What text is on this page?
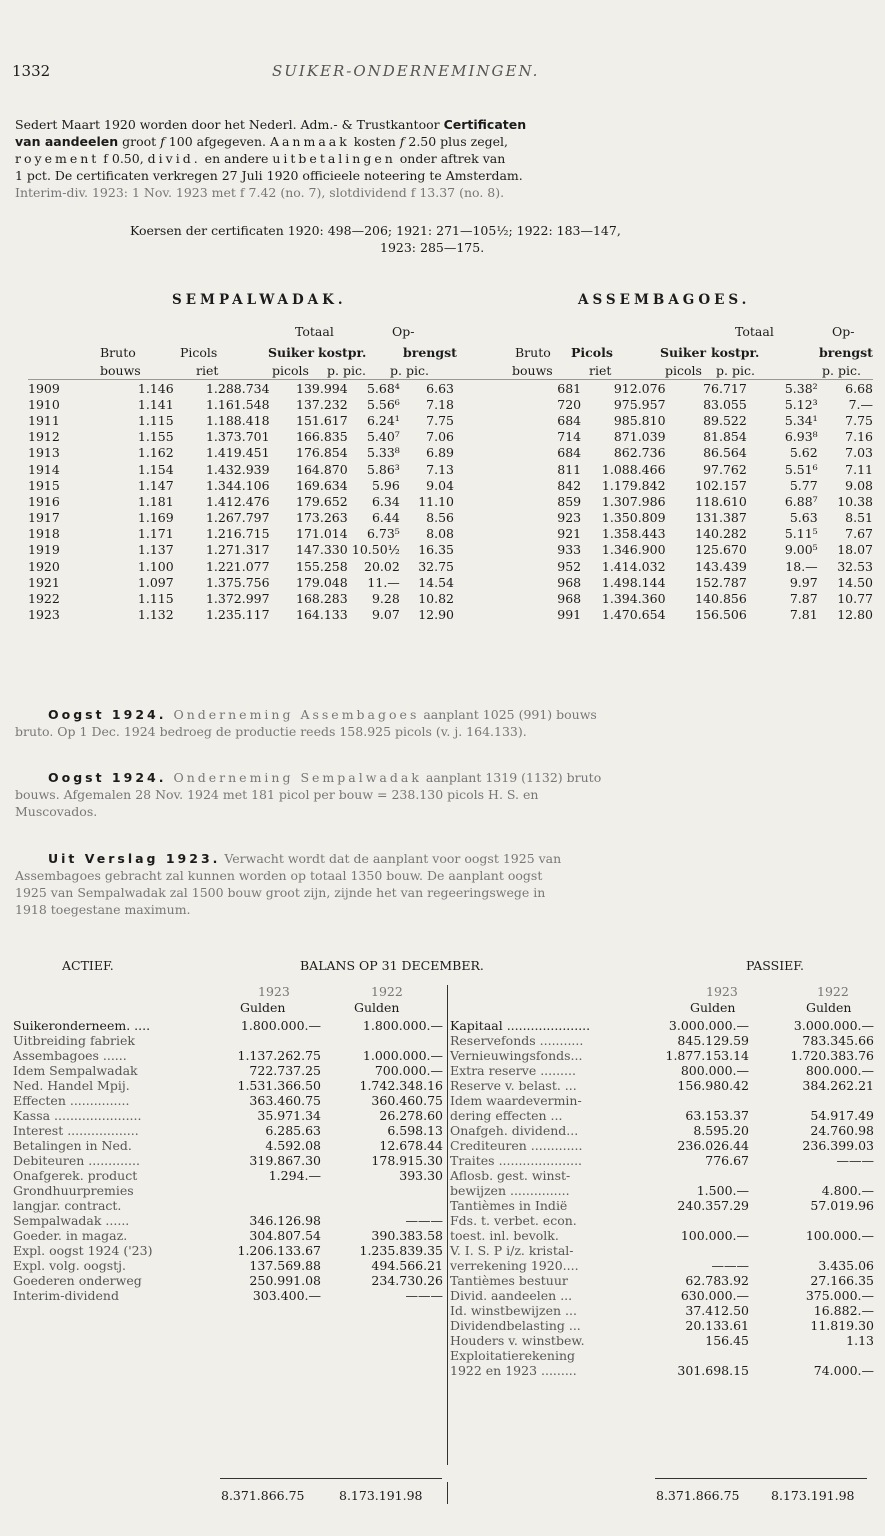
1332	SUIKER-ONDERNEMINGEN.
Sedert Maart 1920 worden door het Nederl. Adm.- & Trustkantoor Certificaten
van aandeelen groot f 100 afgegeven. Aanmaak kosten f 2.50 plus zegel,
royement f 0.50, divid. en andere uitbetalingen onder aftrek van
1 pct. De certificaten verkregen 27 Juli 1920 officieele noteering te Amsterdam.
Interim-div. 1923: 1 Nov. 1923 met f 7.42 (no. 7), slotdividend f 13.37 (no. 8).
Koersen der certificaten 1920: 498—206; 1921: 271—105½; 1922: 183—147,
1923: 285—175.
SEMPALWADAK.	ASSEMBAGOES.
Totaal	Op-	Totaal	Op-
Bruto	Picols	Suiker kostpr.	brengst	Bruto Picols	Suiker kostpr.	brengst
bouws	riet	picols p. pic. p. pic.	bouws	riet	picols p. pic.	p. pic.
1909	1.146	1.288.734	139.994	5.68⁴	6.63	681	912.076	76.717	5.38²	6.68
1910	1.141	1.161.548	137.232	5.56⁶	7.18	720	975.957	83.055	5.12³	7.—
1911	1.115	1.188.418	151.617	6.24¹	7.75	684	985.810	89.522	5.34¹	7.75
1912	1.155	1.373.701	166.835	5.40⁷	7.06	714	871.039	81.854	6.93⁸	7.16
1913	1.162	1.419.451	176.854	5.33⁸	6.89	684	862.736	86.564	5.62	7.03
1914	1.154	1.432.939	164.870	5.86³	7.13	811	1.088.466	97.762	5.51⁶	7.11
1915	1.147	1.344.106	169.634	5.96	9.04	842	1.179.842	102.157	5.77	9.08
1916	1.181	1.412.476	179.652	6.34	11.10	859	1.307.986	118.610	6.88⁷	10.38
1917	1.169	1.267.797	173.263	6.44	8.56	923	1.350.809	131.387	5.63	8.51
1918	1.171	1.216.715	171.014	6.73⁵	8.08	921	1.358.443	140.282	5.11⁵	7.67
1919	1.137	1.271.317	147.330	10.50½	16.35	933	1.346.900	125.670	9.00⁵	18.07
1920	1.100	1.221.077	155.258	20.02	32.75	952	1.414.032	143.439	18.—	32.53
1921	1.097	1.375.756	179.048	11.—	14.54	968	1.498.144	152.787	9.97	14.50
1922	1.115	1.372.997	168.283	9.28	10.82	968	1.394.360	140.856	7.87	10.77
1923	1.132	1.235.117	164.133	9.07	12.90	991	1.470.654	156.506	7.81	12.80
Oogst 1924. Onderneming Assembagoes aanplant 1025 (991) bouws
bruto. Op 1 Dec. 1924 bedroeg de productie reeds 158.925 picols (v. j. 164.133).
Oogst 1924. Onderneming Sempalwadak aanplant 1319 (1132) bruto
bouws. Afgemalen 28 Nov. 1924 met 181 picol per bouw = 238.130 picols H. S. en
Muscovados.
Uit Verslag 1923. Verwacht wordt dat de aanplant voor oogst 1925 van
Assembagoes gebracht zal kunnen worden op totaal 1350 bouw. De aanplant oogst
1925 van Sempalwadak zal 1500 bouw groot zijn, zijnde het van regeeringswege in
1918 toegestane maximum.
ACTIEF.	BALANS OP 31 DECEMBER.	PASSIEF.
1923	1922
Gulden	Gulden
1923	1922
Gulden	Gulden
Suikeronderneem. ....	1.800.000.—	1.800.000.—
Uitbreiding fabriek		
Assembagoes ......	1.137.262.75	1.000.000.—
Idem Sempalwadak	722.737.25	700.000.—
Ned. Handel Mpij.	1.531.366.50	1.742.348.16
Effecten ...............	363.460.75	360.460.75
Kassa ......................	35.971.34	26.278.60
Interest ..................	6.285.63	6.598.13
Betalingen in Ned.	4.592.08	12.678.44
Debiteuren .............	319.867.30	178.915.30
Onafgerek. product	1.294.—	393.30
Grondhuurpremies		
langjar. contract.		
Sempalwadak ......	346.126.98	———
Goeder. in magaz.	304.807.54	390.383.58
Expl. oogst 1924 ('23)	1.206.133.67	1.235.839.35
Expl. volg. oogstj.	137.569.88	494.566.21
Goederen onderweg	250.991.08	234.730.26
Interim-dividend	303.400.—	———
Kapitaal .....................	3.000.000.—	3.000.000.—
Reservefonds ...........	845.129.59	783.345.66
Vernieuwingsfonds...	1.877.153.14	1.720.383.76
Extra reserve .........	800.000.—	800.000.—
Reserve v. belast. ...	156.980.42	384.262.21
Idem waardevermin-		
dering effecten ...	63.153.37	54.917.49
Onafgeh. dividend...	8.595.20	24.760.98
Crediteuren .............	236.026.44	236.399.03
Traites .....................	776.67	———
Aflosb. gest. winst-		
bewijzen ...............	1.500.—	4.800.—
Tantièmes in Indië	240.357.29	57.019.96
Fds. t. verbet. econ.		
toest. inl. bevolk.	100.000.—	100.000.—
V. I. S. P i/z. kristal-		
verrekening 1920....	———	3.435.06
Tantièmes bestuur	62.783.92	27.166.35
Divid. aandeelen ...	630.000.—	375.000.—
Id. winstbewijzen ...	37.412.50	16.882.—
Dividendbelasting ...	20.133.61	11.819.30
Houders v. winstbew.	156.45	1.13
Exploitatierekening		
1922 en 1923 .........	301.698.15	74.000.—
8.371.866.75	8.173.191.98	8.371.866.75	8.173.191.98
